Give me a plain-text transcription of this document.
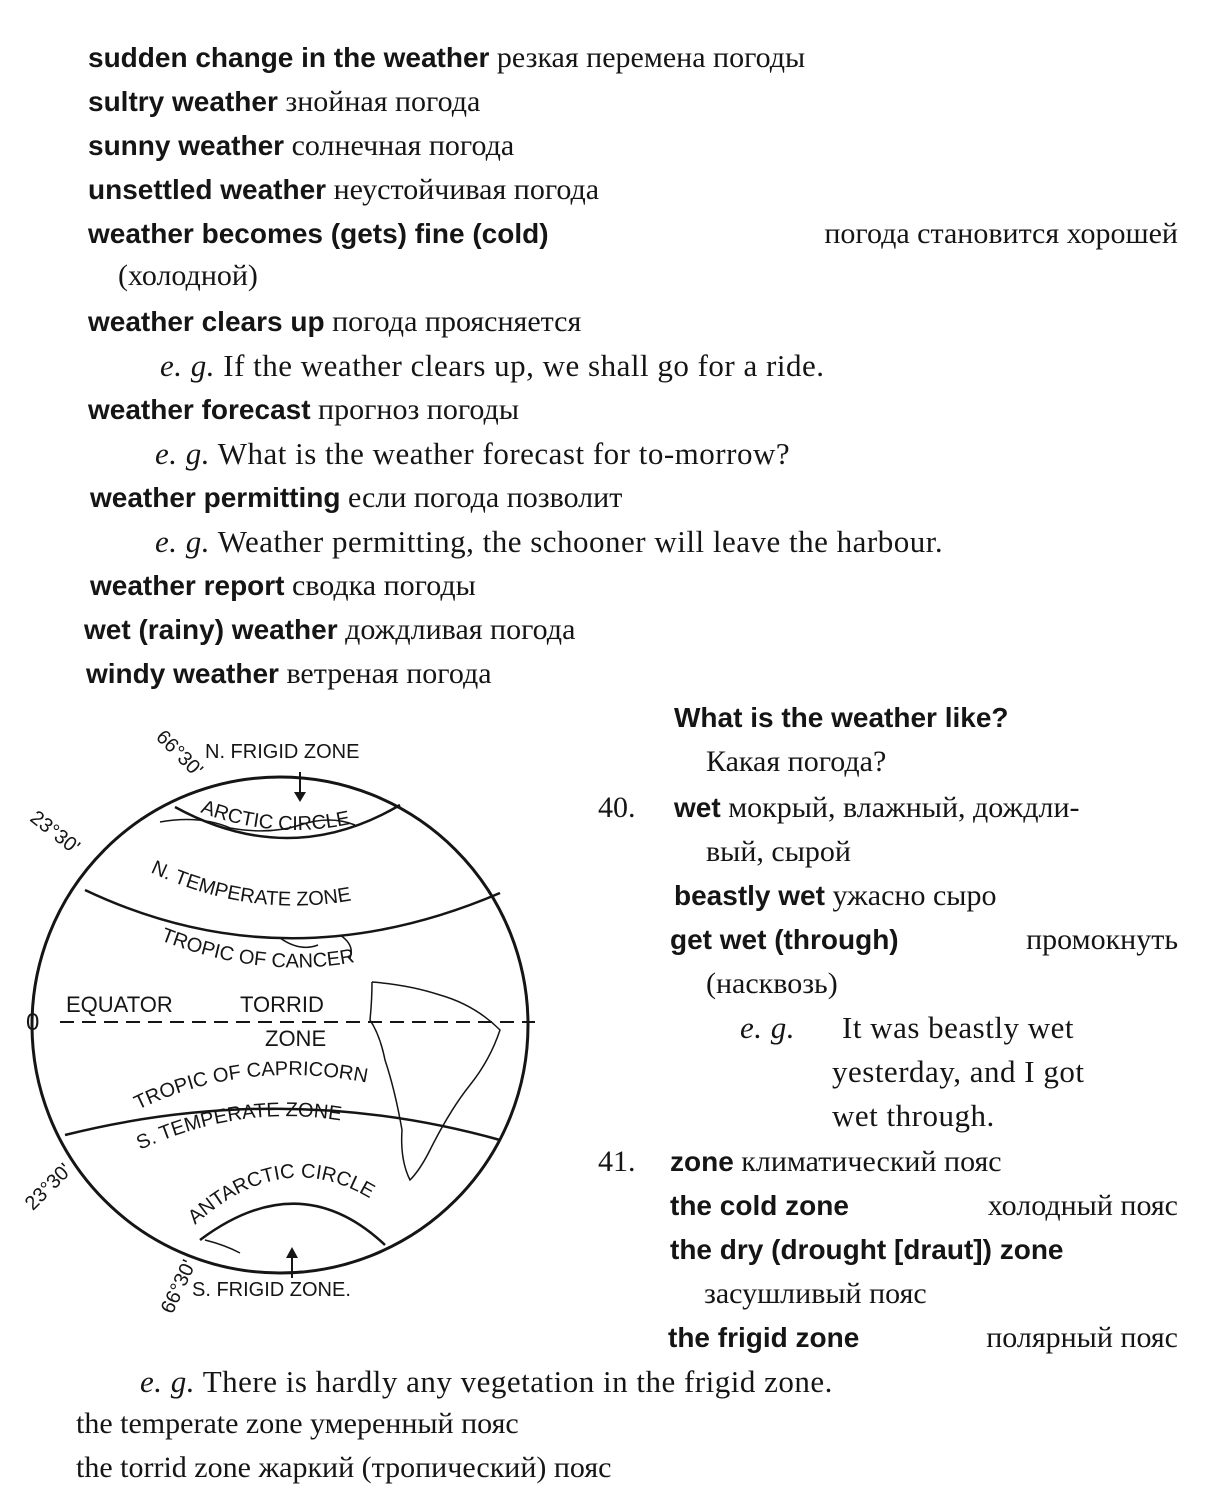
sudden change in the weather резкая перемена погоды
sultry weather знойная погода
sunny weather солнечная погода
unsettled weather неустойчивая погода
weather becomes (gets) fine (cold)	погода становится хорошей
(холодной)
weather clears up погода проясняется
e. g. If the weather clears up, we shall go for a ride.
weather forecast прогноз погоды
e. g. What is the weather forecast for to-morrow?
weather permitting если погода позволит
e. g. Weather permitting, the schooner will leave the harbour.
weather report сводка погоды
wet (rainy) weather дождливая погода
windy weather ветреная погода
What is the weather like?
Какая погода?
40. wet мокрый, влажный, дождли-
вый, сырой
beastly wet ужасно сыро
get wet (through)	промокнуть
(насквозь)
e. g. It was beastly wet
yesterday, and I got
wet through.
41. zone климатический пояс
the cold zone	холодный пояс
the dry (drought [draut]) zone
засушливый пояс
the frigid zone	полярный пояс
e. g. There is hardly any vegetation in the frigid zone.
the temperate zone умеренный пояс
the torrid zone жаркий (тропический) пояс
N. FRIGID ZONE
ARCTIC CIRCLE
N. TEMPERATE ZONE
TROPIC OF CANCER
EQUATOR	TORRID
ZONE
TROPIC OF CAPRICORN
S. TEMPERATE ZONE
ANTARCTIC CIRCLE
S. FRIGID ZONE.
66°30'
23°30'
0
23°30'
66°30'
